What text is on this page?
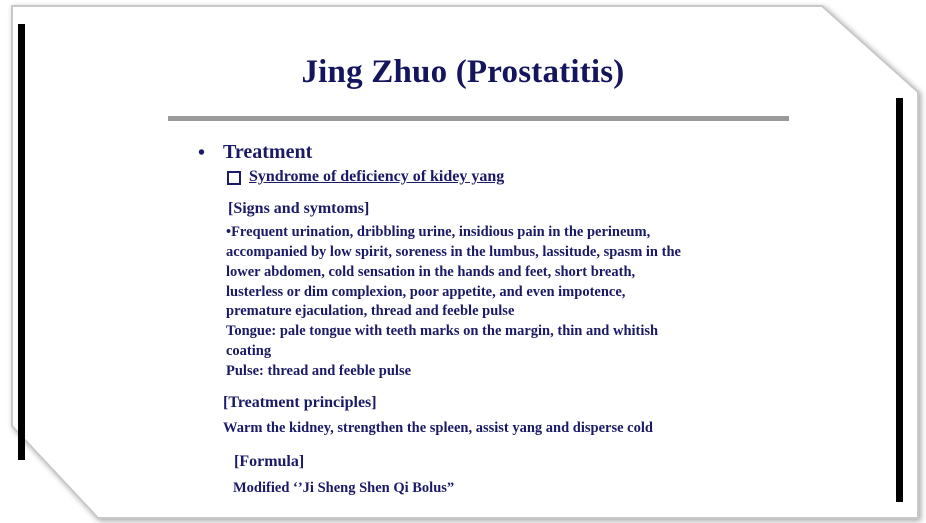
Jing Zhuo (Prostatitis)
• Treatment
Syndrome of deficiency of kidey yang
[Signs and symtoms]
•Frequent urination, dribbling urine, insidious pain in the perineum,
accompanied by low spirit, soreness in the lumbus, lassitude, spasm in the
lower abdomen, cold sensation in the hands and feet, short breath,
lusterless or dim complexion, poor appetite, and even impotence,
premature ejaculation, thread and feeble pulse
Tongue: pale tongue with teeth marks on the margin, thin and whitish
coating
Pulse: thread and feeble pulse
[Treatment principles]
Warm the kidney, strengthen the spleen, assist yang and disperse cold
[Formula]
Modified ‘’Ji Sheng Shen Qi Bolus”
